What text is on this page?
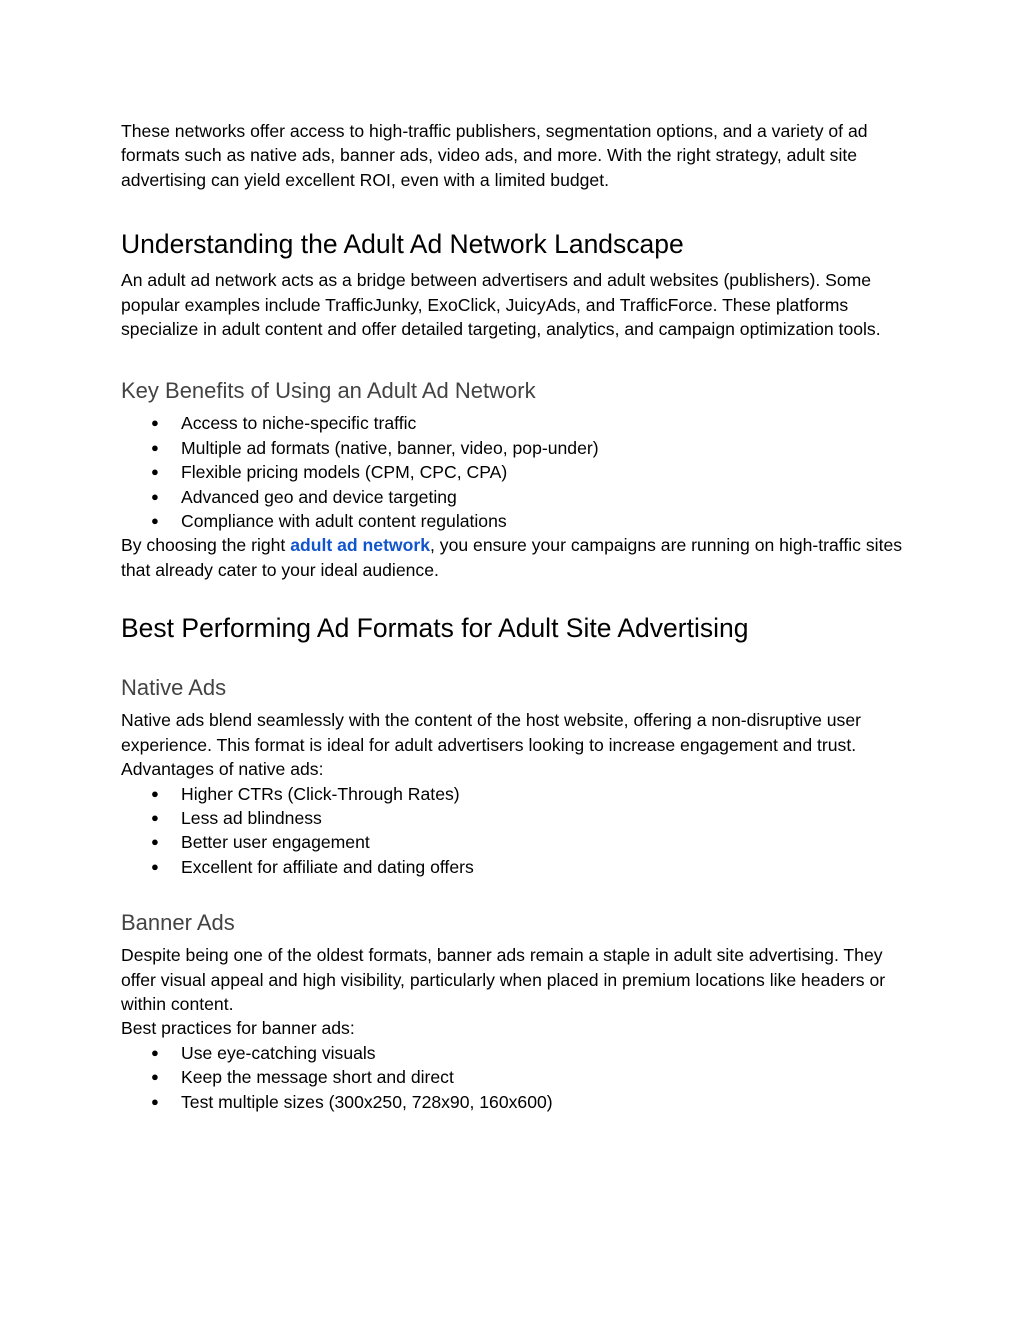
These networks offer access to high-traffic publishers, segmentation options, and a variety of ad formats such as native ads, banner ads, video ads, and more. With the right strategy, adult site advertising can yield excellent ROI, even with a limited budget.

Understanding the Adult Ad Network Landscape

An adult ad network acts as a bridge between advertisers and adult websites (publishers). Some popular examples include TrafficJunky, ExoClick, JuicyAds, and TrafficForce. These platforms specialize in adult content and offer detailed targeting, analytics, and campaign optimization tools.

Key Benefits of Using an Adult Ad Network
● Access to niche-specific traffic
● Multiple ad formats (native, banner, video, pop-under)
● Flexible pricing models (CPM, CPC, CPA)
● Advanced geo and device targeting
● Compliance with adult content regulations

By choosing the right adult ad network, you ensure your campaigns are running on high-traffic sites that already cater to your ideal audience.

Best Performing Ad Formats for Adult Site Advertising
Native Ads

Native ads blend seamlessly with the content of the host website, offering a non-disruptive user experience. This format is ideal for adult advertisers looking to increase engagement and trust.

Advantages of native ads:

● Higher CTRs (Click-Through Rates)
● Less ad blindness
● Better user engagement
● Excellent for affiliate and dating offers
Banner Ads

Despite being one of the oldest formats, banner ads remain a staple in adult site advertising. They offer visual appeal and high visibility, particularly when placed in premium locations like headers or within content.

Best practices for banner ads:

● Use eye-catching visuals
● Keep the message short and direct
● Test multiple sizes (300x250, 728x90, 160x600)
